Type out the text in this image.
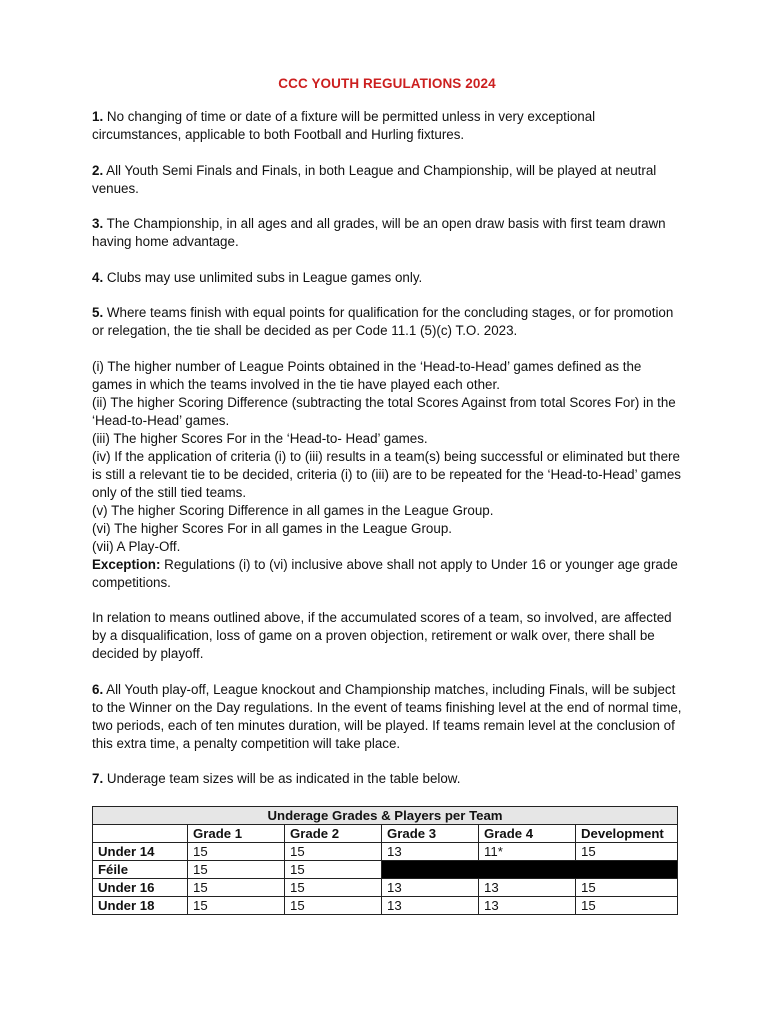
CCC YOUTH REGULATIONS 2024

1. No changing of time or date of a fixture will be permitted unless in very exceptional circumstances, applicable to both Football and Hurling fixtures.

2. All Youth Semi Finals and Finals, in both League and Championship, will be played at neutral venues.

3. The Championship, in all ages and all grades, will be an open draw basis with first team drawn having home advantage.

4. Clubs may use unlimited subs in League games only.

5. Where teams finish with equal points for qualification for the concluding stages, or for promotion or relegation, the tie shall be decided as per Code 11.1 (5)(c) T.O. 2023.

(i) The higher number of League Points obtained in the ‘Head-to-Head’ games defined as the games in which the teams involved in the tie have played each other.

(ii) The higher Scoring Difference (subtracting the total Scores Against from total Scores For) in the ‘Head-to-Head’ games.

(iii) The higher Scores For in the ‘Head-to- Head’ games.

(iv) If the application of criteria (i) to (iii) results in a team(s) being successful or eliminated but there is still a relevant tie to be decided, criteria (i) to (iii) are to be repeated for the ‘Head-to-Head’ games only of the still tied teams.

(v) The higher Scoring Difference in all games in the League Group.

(vi) The higher Scores For in all games in the League Group.

(vii) A Play-Off.

Exception: Regulations (i) to (vi) inclusive above shall not apply to Under 16 or younger age grade competitions.

In relation to means outlined above, if the accumulated scores of a team, so involved, are affected by a disqualification, loss of game on a proven objection, retirement or walk over, there shall be decided by playoff.

6. All Youth play-off, League knockout and Championship matches, including Finals, will be subject to the Winner on the Day regulations. In the event of teams finishing level at the end of normal time, two periods, each of ten minutes duration, will be played. If teams remain level at the conclusion of this extra time, a penalty competition will take place.

7. Underage team sizes will be as indicated in the table below.

Underage Grades & Players per Team					
	Grade 1	Grade 2	Grade 3	Grade 4	Development
Under 14	15	15	13	11*	15
Féile	15	15			
Under 16	15	15	13	13	15
Under 18	15	15	13	13	15
